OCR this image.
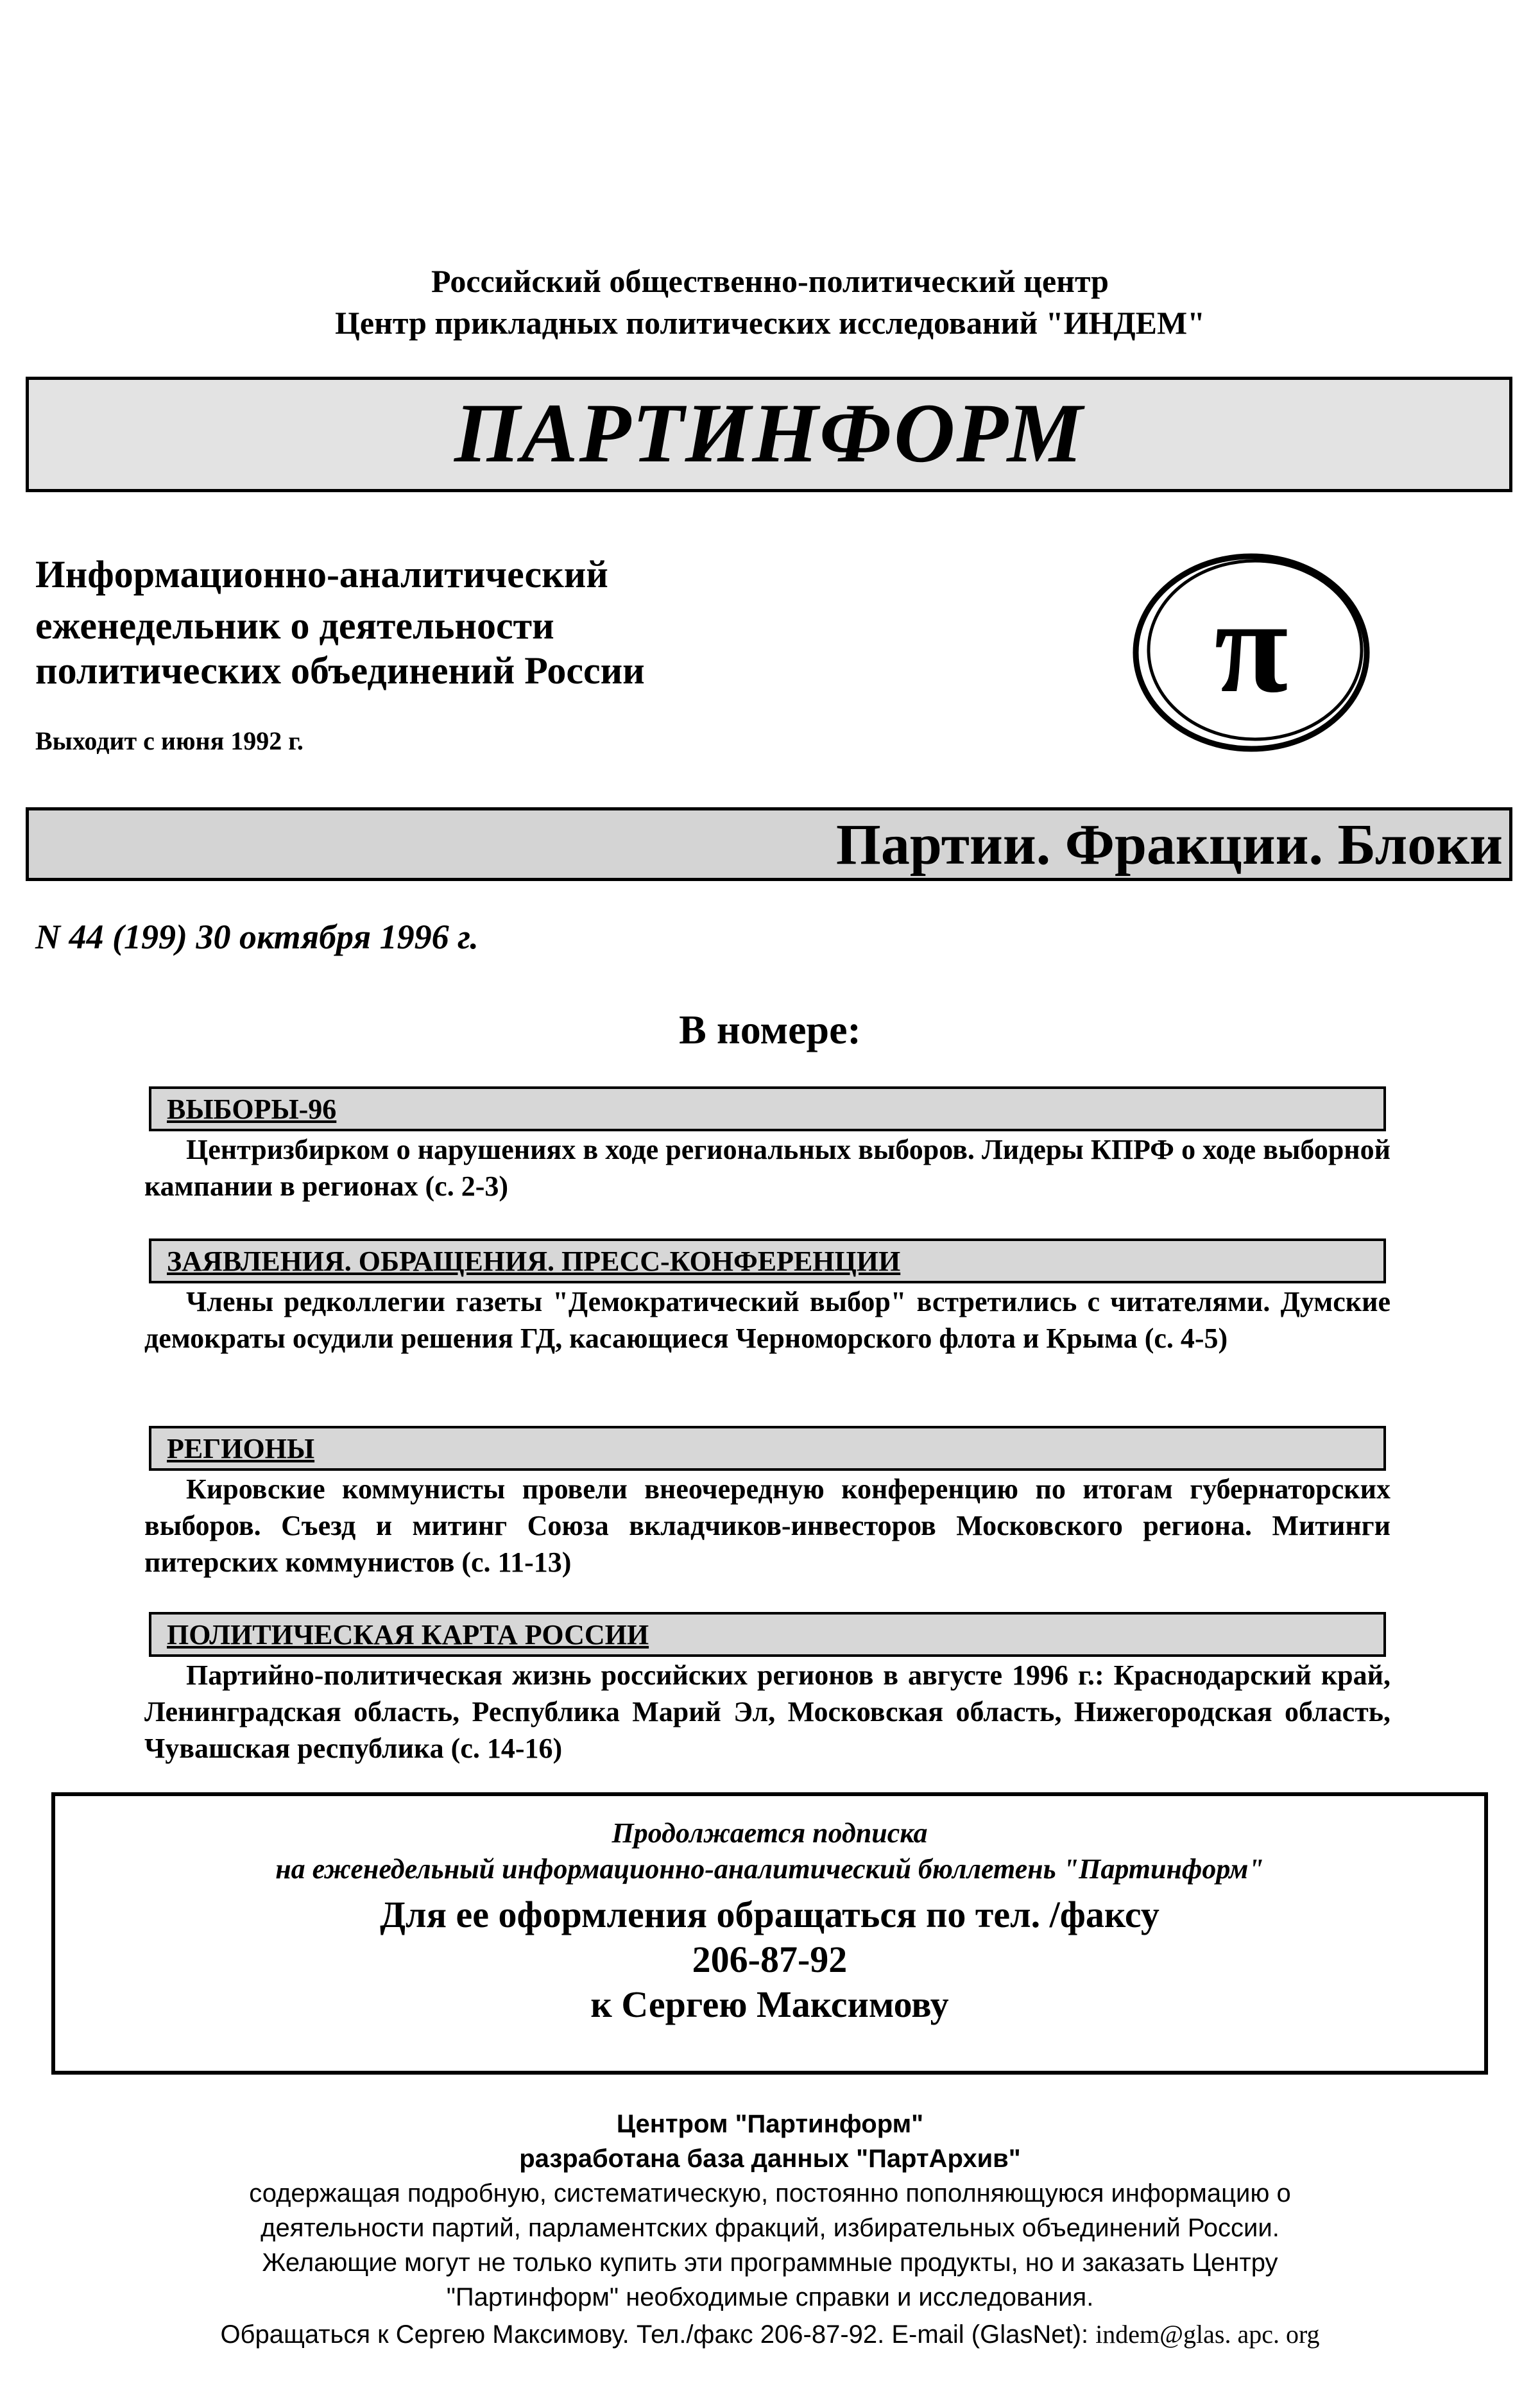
Российский общественно-политический центр
Центр прикладных политических исследований "ИНДЕМ"
ПАРТИНФОРМ
Информационно-аналитический
еженедельник о деятельности
политических объединений России
Выходит с июня 1992 г.
π
Партии. Фракции. Блоки
N 44 (199) 30 октября 1996 г.
В номере:
ВЫБОРЫ-96
Центризбирком о нарушениях в ходе региональных выборов. Лидеры КПРФ о ходе выборной кампании в регионах (с. 2-3)
ЗАЯВЛЕНИЯ. ОБРАЩЕНИЯ. ПРЕСС-КОНФЕРЕНЦИИ
Члены редколлегии газеты "Демократический выбор" встретились с читателями. Думские демократы осудили решения ГД, касающиеся Черноморского флота и Крыма (с. 4-5)
РЕГИОНЫ
Кировские коммунисты провели внеочередную конференцию по итогам губернаторских выборов. Съезд и митинг Союза вкладчиков-инвесторов Московского региона. Митинги питерских коммунистов (с. 11-13)
ПОЛИТИЧЕСКАЯ КАРТА РОССИИ
Партийно-политическая жизнь российских регионов в августе 1996 г.: Краснодарский край, Ленинградская область, Республика Марий Эл, Московская область, Нижегородская область, Чувашская республика (с. 14-16)
Продолжается подписка
на еженедельный информационно-аналитический бюллетень "Партинформ"
Для ее оформления обращаться по тел. /факсу
206-87-92
к Сергею Максимову
Центром "Партинформ"
разработана база данных "ПартАрхив"
содержащая подробную, систематическую, постоянно пополняющуюся информацию о
деятельности партий, парламентских фракций, избирательных объединений России.
Желающие могут не только купить эти программные продукты, но и заказать Центру
"Партинформ" необходимые справки и исследования.
Обращаться к Сергею Максимову. Тел./факс 206-87-92. E-mail (GlasNet): indem@glas. apc. org
